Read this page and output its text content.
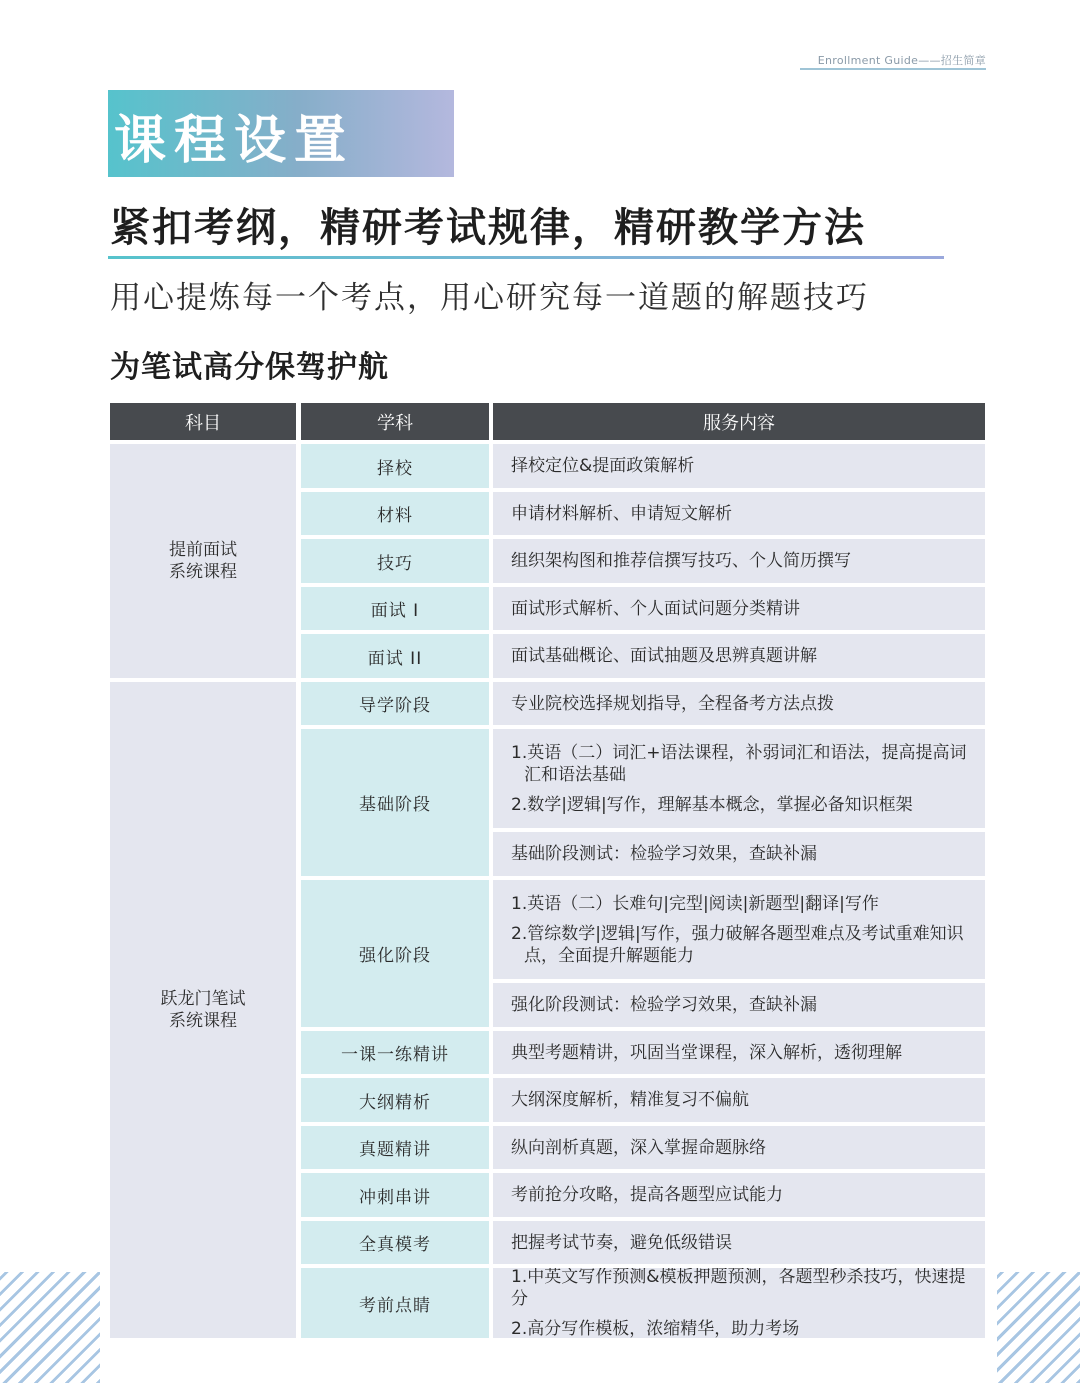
Enrollment Guide——招生简章
课程设置
紧扣考纲，精研考试规律，精研教学方法
用心提炼每一个考点，用心研究每一道题的解题技巧
为笔试高分保驾护航
科目	学科	服务内容
提前面试
系统课程
跃龙门笔试
系统课程
择校
材料
技巧
面试 I
面试 II
导学阶段
基础阶段
强化阶段
一课一练精讲
大纲精析
真题精讲
冲刺串讲
全真模考
考前点睛
择校定位&提面政策解析
申请材料解析、申请短文解析
组织架构图和推荐信撰写技巧、个人简历撰写
面试形式解析、个人面试问题分类精讲
面试基础概论、面试抽题及思辨真题讲解
专业院校选择规划指导，全程备考方法点拨
1.英语（二）词汇+语法课程，补弱词汇和语法，提高提高词汇和语法基础
2.数学|逻辑|写作，理解基本概念，掌握必备知识框架
基础阶段测试：检验学习效果，查缺补漏
1.英语（二）长难句|完型|阅读|新题型|翻译|写作
2.管综数学|逻辑|写作，强力破解各题型难点及考试重难知识点，全面提升解题能力
强化阶段测试：检验学习效果，查缺补漏
典型考题精讲，巩固当堂课程，深入解析，透彻理解
大纲深度解析，精准复习不偏航
纵向剖析真题，深入掌握命题脉络
考前抢分攻略，提高各题型应试能力
把握考试节奏，避免低级错误
1.中英文写作预测&模板押题预测，各题型秒杀技巧，快速提分
2.高分写作模板，浓缩精华，助力考场
